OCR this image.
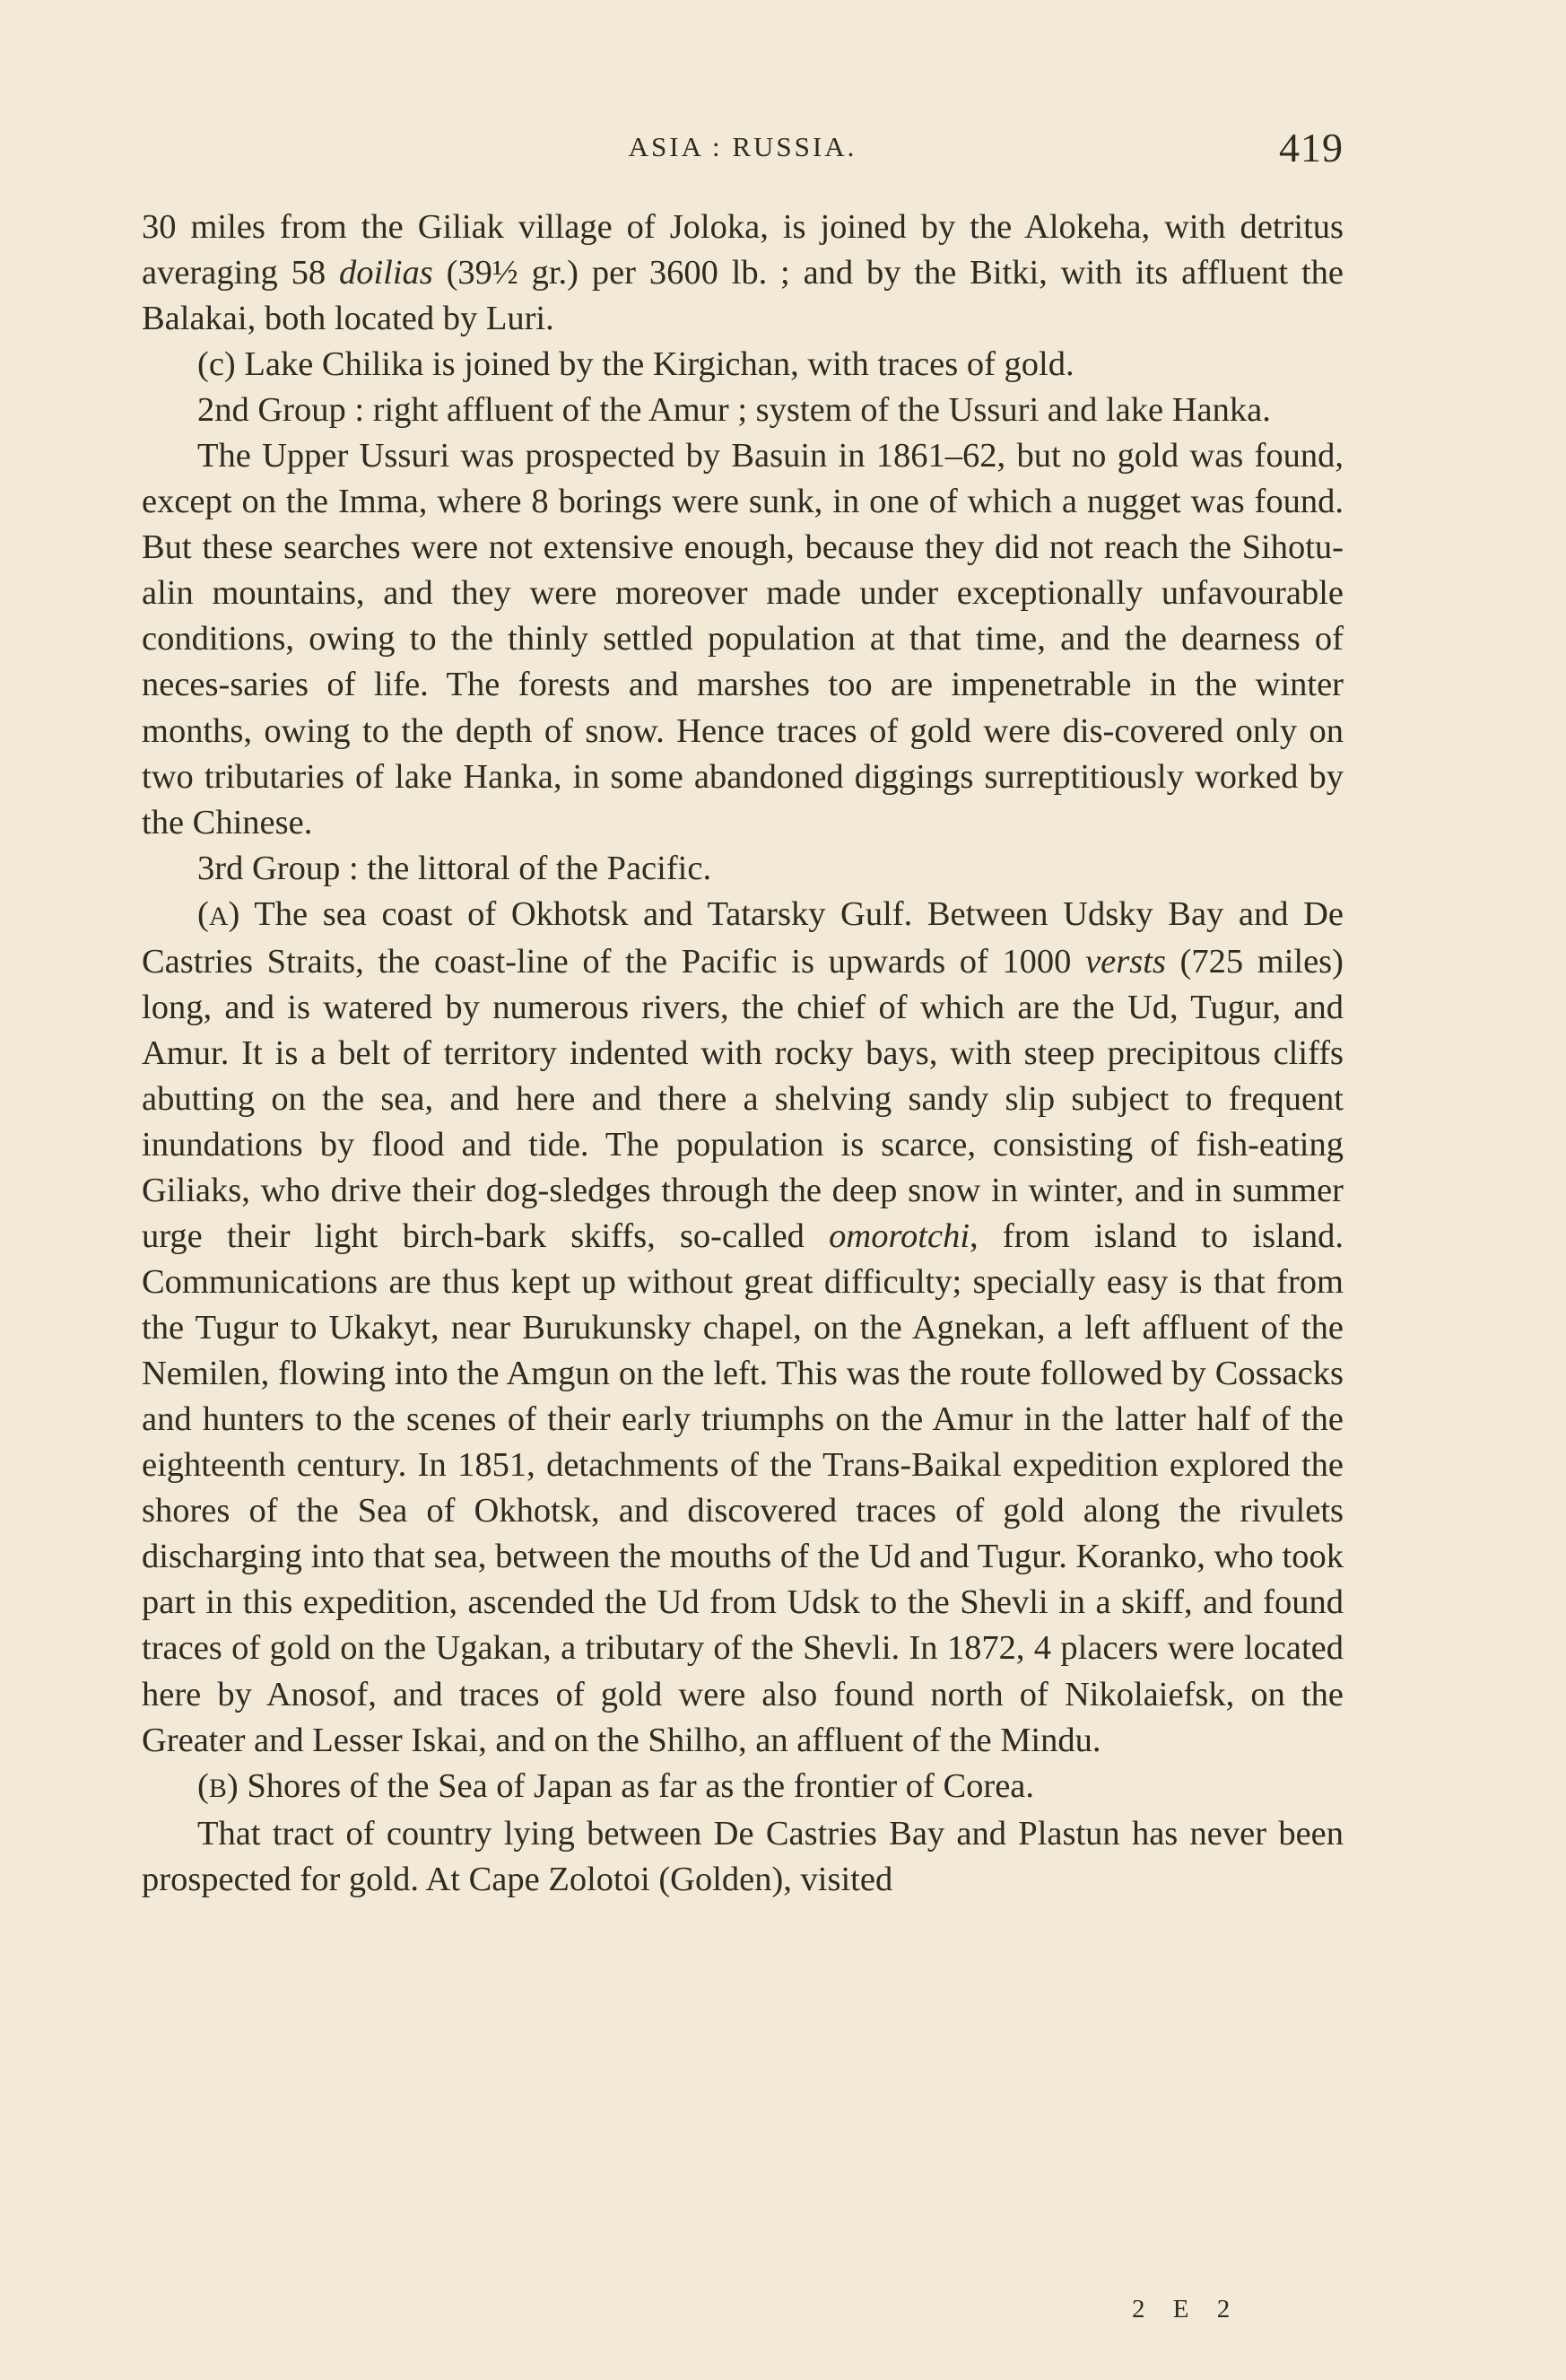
ASIA : RUSSIA.	419

30 miles from the Giliak village of Joloka, is joined by the Alokeha, with detritus averaging 58 doilias (39½ gr.) per 3600 lb. ; and by the Bitki, with its affluent the Balakai, both located by Luri.

(c) Lake Chilika is joined by the Kirgichan, with traces of gold.

2nd Group : right affluent of the Amur ; system of the Ussuri and lake Hanka.

The Upper Ussuri was prospected by Basuin in 1861–62, but no gold was found, except on the Imma, where 8 borings were sunk, in one of which a nugget was found. But these searches were not extensive enough, because they did not reach the Sihotu-alin mountains, and they were moreover made under exceptionally unfavourable conditions, owing to the thinly settled population at that time, and the dearness of neces-saries of life. The forests and marshes too are impenetrable in the winter months, owing to the depth of snow. Hence traces of gold were dis-covered only on two tributaries of lake Hanka, in some abandoned diggings surreptitiously worked by the Chinese.

3rd Group : the littoral of the Pacific.

(A) The sea coast of Okhotsk and Tatarsky Gulf. Between Udsky Bay and De Castries Straits, the coast-line of the Pacific is upwards of 1000 versts (725 miles) long, and is watered by numerous rivers, the chief of which are the Ud, Tugur, and Amur. It is a belt of territory indented with rocky bays, with steep precipitous cliffs abutting on the sea, and here and there a shelving sandy slip subject to frequent inundations by flood and tide. The population is scarce, consisting of fish-eating Giliaks, who drive their dog-sledges through the deep snow in winter, and in summer urge their light birch-bark skiffs, so-called omorotchi, from island to island. Communications are thus kept up without great difficulty; specially easy is that from the Tugur to Ukakyt, near Burukunsky chapel, on the Agnekan, a left affluent of the Nemilen, flowing into the Amgun on the left. This was the route followed by Cossacks and hunters to the scenes of their early triumphs on the Amur in the latter half of the eighteenth century. In 1851, detachments of the Trans-Baikal expedition explored the shores of the Sea of Okhotsk, and discovered traces of gold along the rivulets discharging into that sea, between the mouths of the Ud and Tugur. Koranko, who took part in this expedition, ascended the Ud from Udsk to the Shevli in a skiff, and found traces of gold on the Ugakan, a tributary of the Shevli. In 1872, 4 placers were located here by Anosof, and traces of gold were also found north of Nikolaiefsk, on the Greater and Lesser Iskai, and on the Shilho, an affluent of the Mindu.

(B) Shores of the Sea of Japan as far as the frontier of Corea.

That tract of country lying between De Castries Bay and Plastun has never been prospected for gold. At Cape Zolotoi (Golden), visited

2 E 2
